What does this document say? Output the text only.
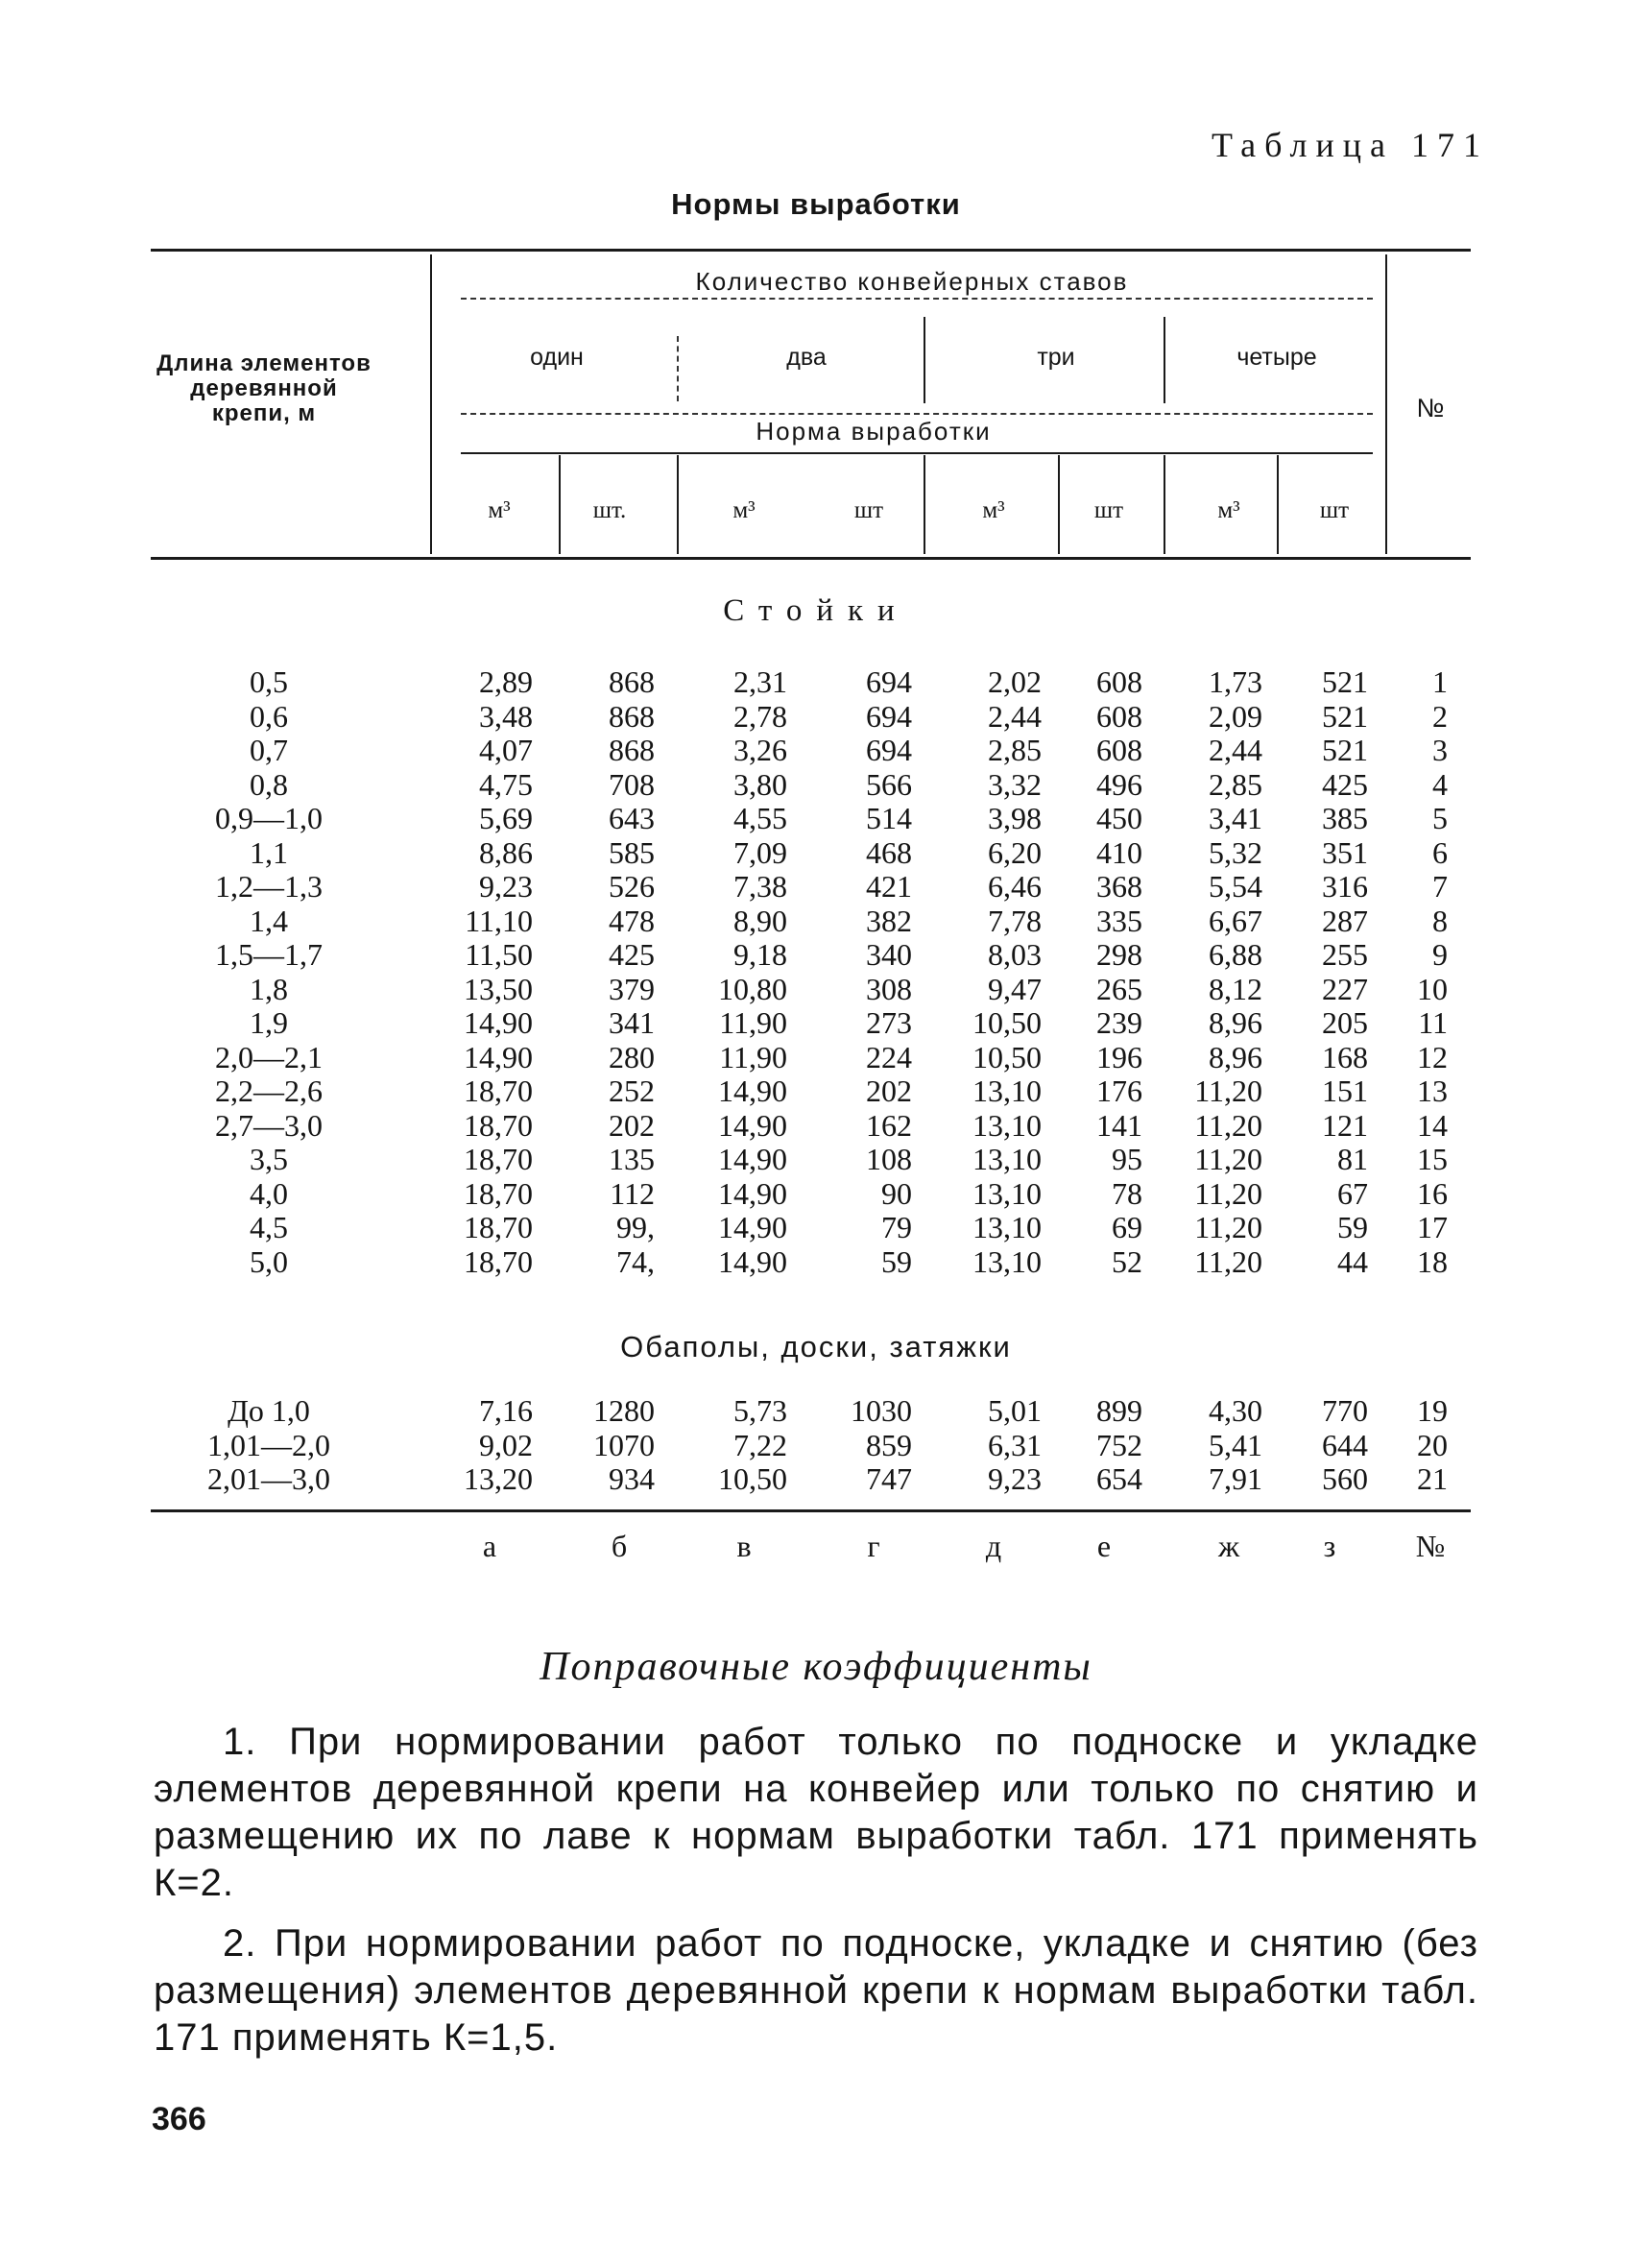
Таблица 171
Нормы выработки
Количество конвейерных ставов
один	два	три	четыре
Норма выработки
Длина элементов деревянной крепи, м	№
м³	шт.	м³	шт	м³	шт	м³	шт
Стойки
0,5	2,89	868	2,31	694	2,02	608	1,73	521	1
0,6	3,48	868	2,78	694	2,44	608	2,09	521	2
0,7	4,07	868	3,26	694	2,85	608	2,44	521	3
0,8	4,75	708	3,80	566	3,32	496	2,85	425	4
0,9—1,0	5,69	643	4,55	514	3,98	450	3,41	385	5
1,1	8,86	585	7,09	468	6,20	410	5,32	351	6
1,2—1,3	9,23	526	7,38	421	6,46	368	5,54	316	7
1,4	11,10	478	8,90	382	7,78	335	6,67	287	8
1,5—1,7	11,50	425	9,18	340	8,03	298	6,88	255	9
1,8	13,50	379	10,80	308	9,47	265	8,12	227	10
1,9	14,90	341	11,90	273	10,50	239	8,96	205	11
2,0—2,1	14,90	280	11,90	224	10,50	196	8,96	168	12
2,2—2,6	18,70	252	14,90	202	13,10	176	11,20	151	13
2,7—3,0	18,70	202	14,90	162	13,10	141	11,20	121	14
3,5	18,70	135	14,90	108	13,10	95	11,20	81	15
4,0	18,70	112	14,90	90	13,10	78	11,20	67	16
4,5	18,70	99,	14,90	79	13,10	69	11,20	59	17
5,0	18,70	74,	14,90	59	13,10	52	11,20	44	18
Обаполы, доски, затяжки
До 1,0	7,16	1280	5,73	1030	5,01	899	4,30	770	19
1,01—2,0	9,02	1070	7,22	859	6,31	752	5,41	644	20
2,01—3,0	13,20	934	10,50	747	9,23	654	7,91	560	21
а	б	в	г	д	е	ж	з	№
Поправочные коэффициенты
1. При нормировании работ только по подноске и укладке элементов деревянной крепи на конвейер или только по снятию и размещению их по лаве к нормам выработки табл. 171 применять К=2.
2. При нормировании работ по подноске, укладке и снятию (без размещения) элементов деревянной крепи к нормам выработки табл. 171 применять К=1,5.
366
